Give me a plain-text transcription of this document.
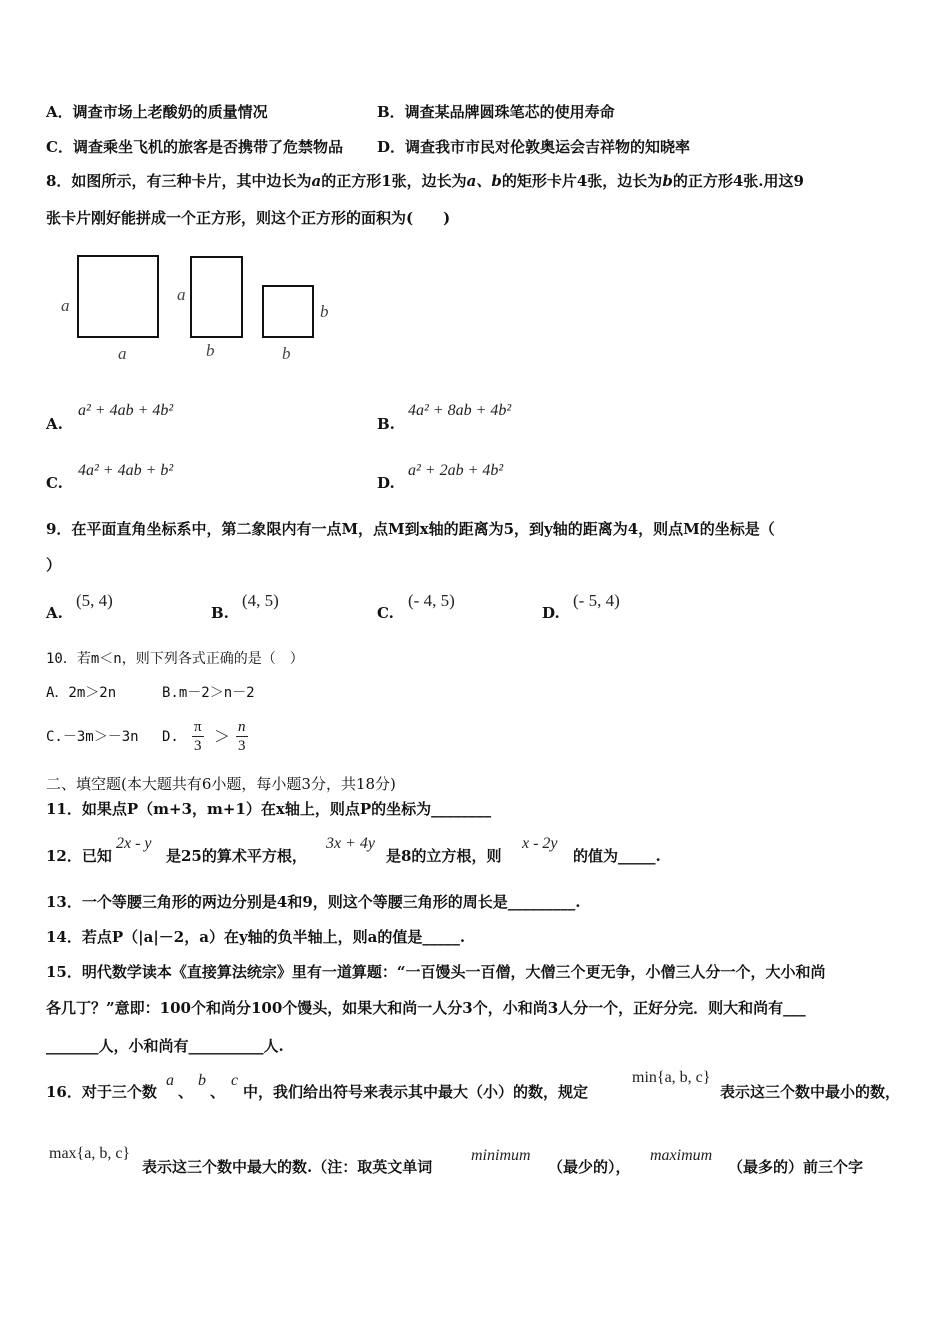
A．调查市场上老酸奶的质量情况	B．调查某品牌圆珠笔芯的使用寿命
C．调查乘坐飞机的旅客是否携带了危禁物品 D．调查我市市民对伦敦奥运会吉祥物的知晓率
8．如图所示，有三种卡片，其中边长为a的正方形1张，边长为a、b的矩形卡片4张，边长为b的正方形4张.用这9
张卡片刚好能拼成一个正方形，则这个正方形的面积为(　　)
a
a
a
b
b
b
A.
a² + 4ab + 4b²
B.
4a² + 8ab + 4b²
C.
4a² + 4ab + b²
D.
a² + 2ab + 4b²
9．在平面直角坐标系中，第二象限内有一点M，点M到x轴的距离为5，到y轴的距离为4，则点M的坐标是（
）
A.
(5, 4)
B.
(4, 5)
C.
(- 4, 5)
D.
(- 5, 4)
10．若m＜n，则下列各式正确的是（　）
A．2m＞2n	B.m－2＞n－2
C.－3m＞－3n D. $\frac{\pi}{3} > \frac{n}{3}$
二、填空题(本大题共有6小题，每小题3分，共18分)
11．如果点P（m+3，m+1）在x轴上，则点P的坐标为________
12．已知
2x - y
是25的算术平方根，
3x + 4y
是8的立方根，则
x - 2y
的值为_____.
13．一个等腰三角形的两边分别是4和9，则这个等腰三角形的周长是_________.
14．若点P（|a|－2，a）在y轴的负半轴上，则a的值是_____.
15．明代数学读本《直接算法统宗》里有一道算题：“一百馒头一百僧，大僧三个更无争，小僧三人分一个，大小和尚
各几丁？”意即：100个和尚分100个馒头，如果大和尚一人分3个，小和尚3人分一个，正好分完．则大和尚有___
_______人，小和尚有__________人.
16．对于三个数
a
、
b
、
c
中，我们给出符号来表示其中最大（小）的数，规定
min{a, b, c}
表示这三个数中最小的数，
max{a, b, c}
表示这三个数中最大的数.（注：取英文单词
minimum
（最少的），
maximum
（最多的）前三个字
